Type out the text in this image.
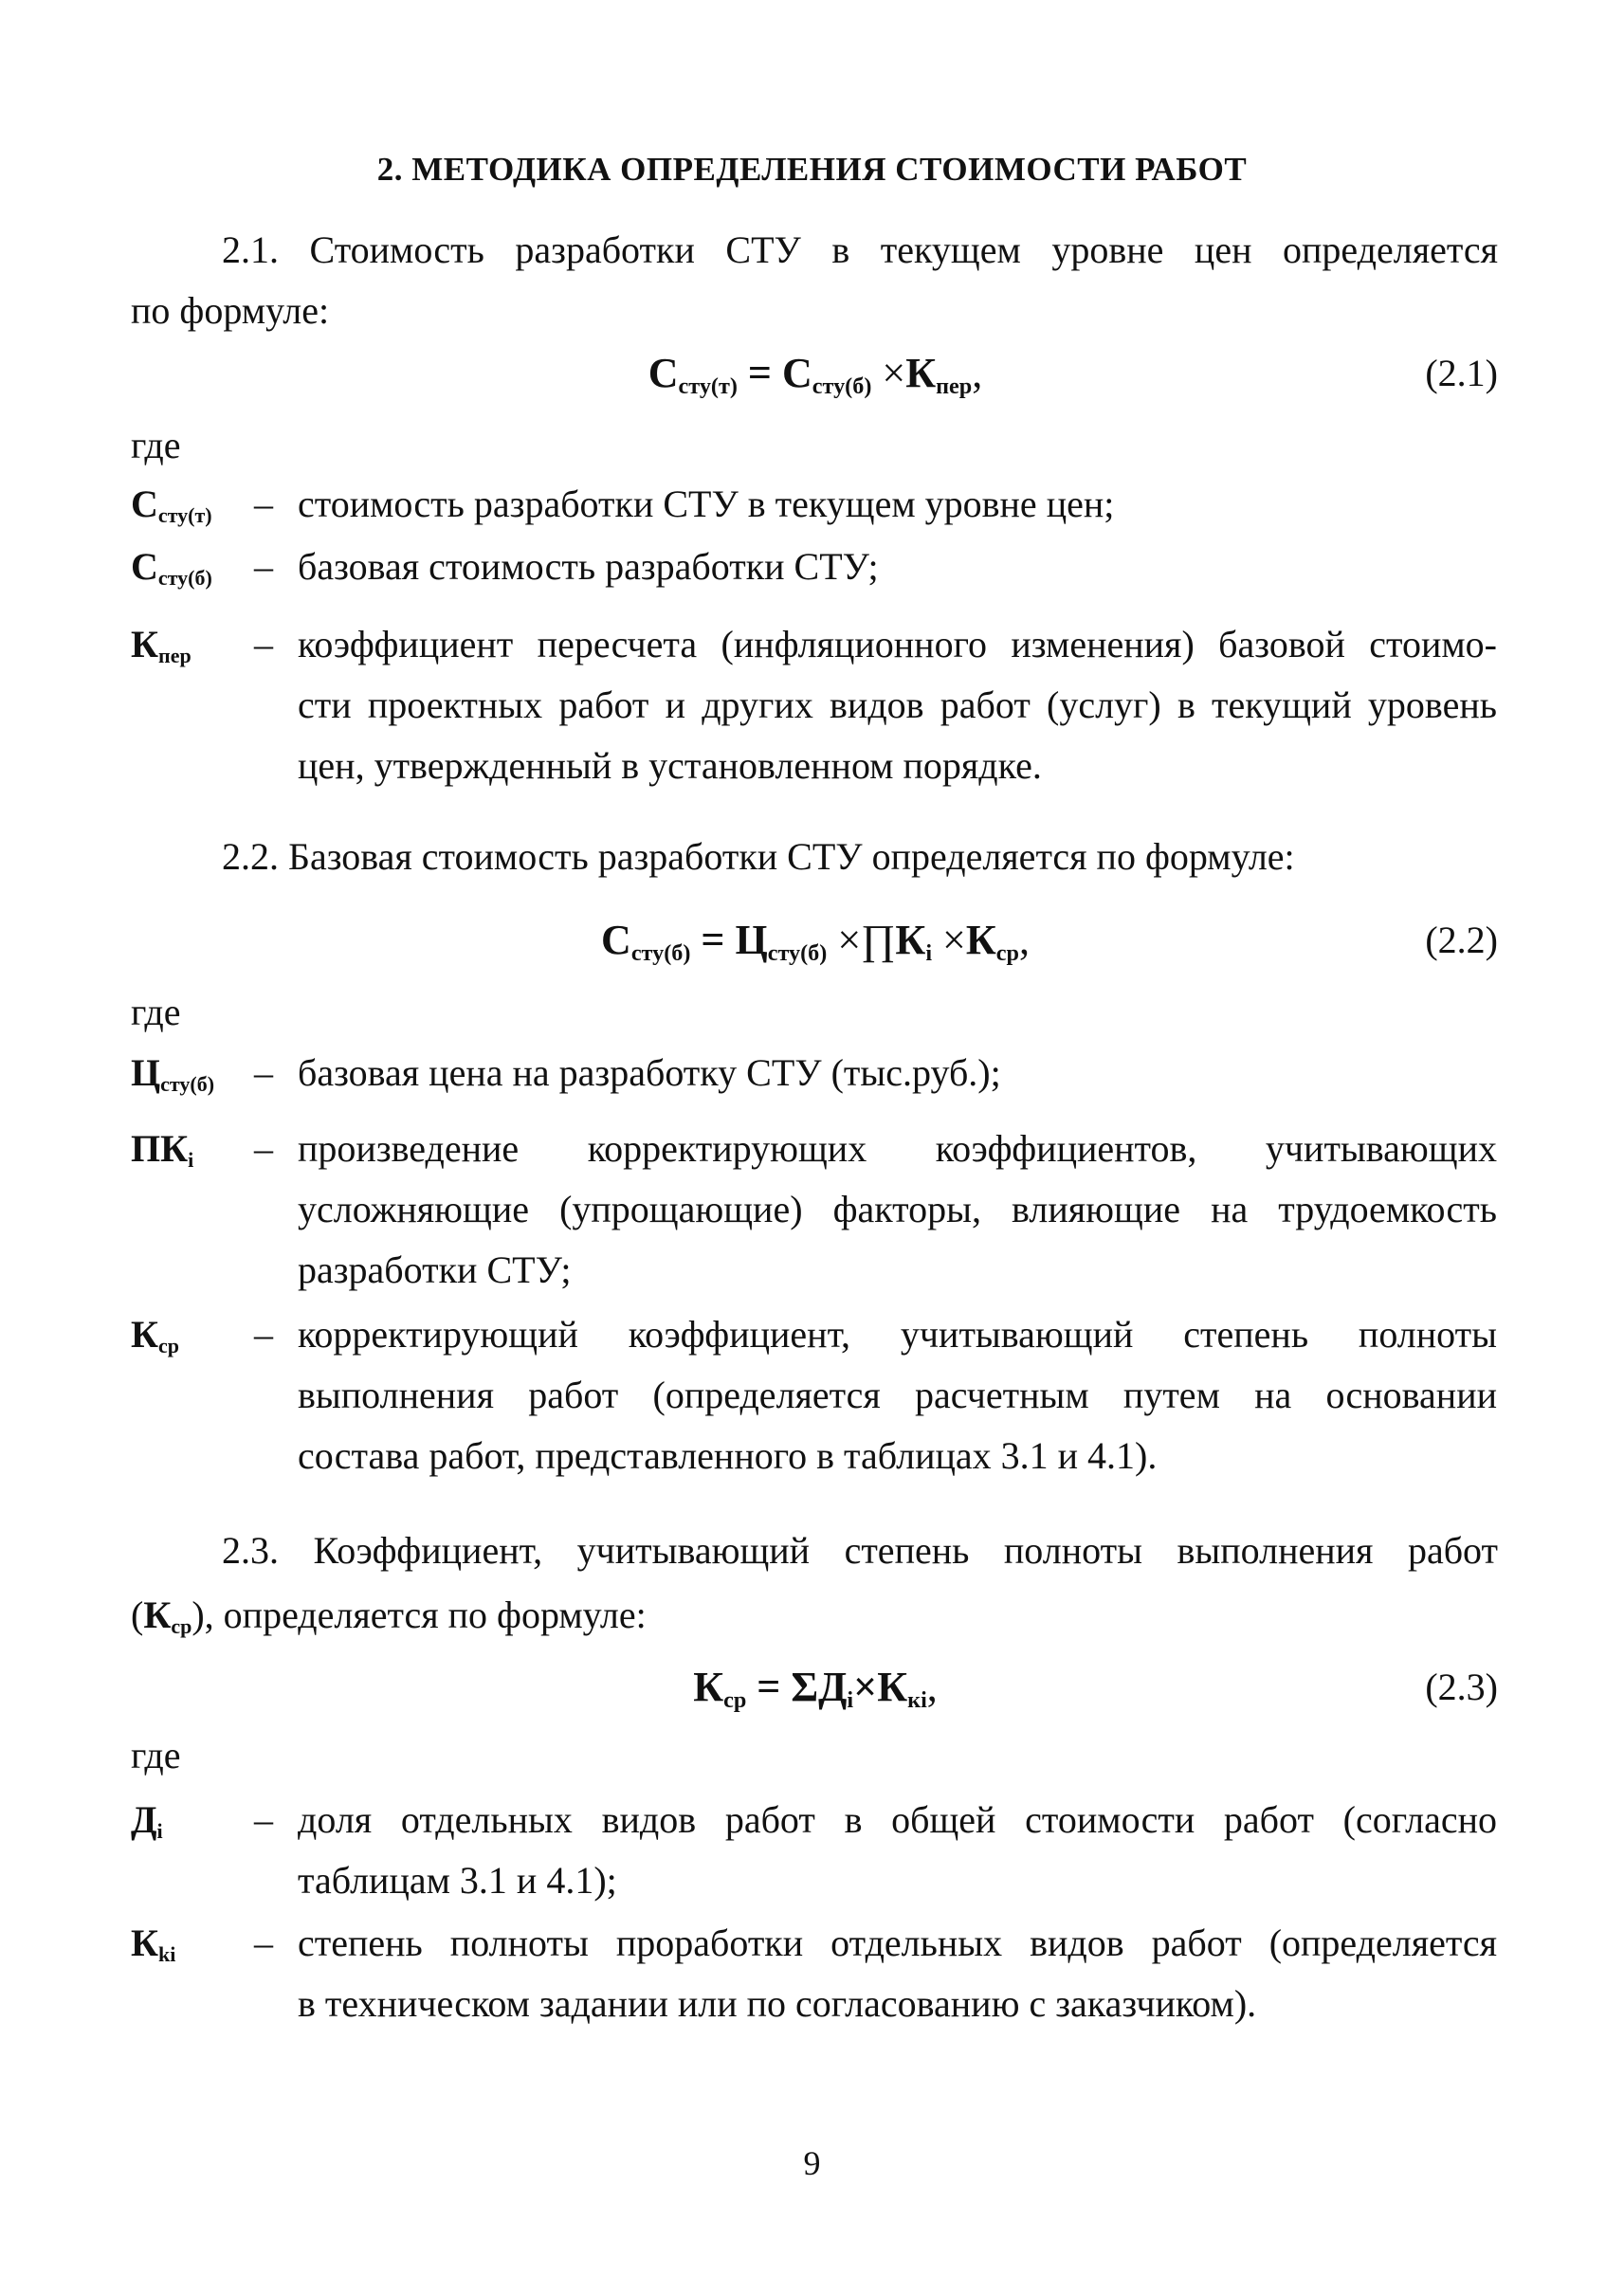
2. МЕТОДИКА ОПРЕДЕЛЕНИЯ СТОИМОСТИ РАБОТ
2.1. Стоимость разработки СТУ в текущем уровне цен определяется
по формуле:
$С_{сту(т)} = С_{сту(б)} \times К_{пер}$,	(2.1)
где
$С_{сту(т)}$	– стоимость разработки СТУ в текущем уровне цен;
$С_{сту(б)}$	– базовая стоимость разработки СТУ;
$К_{пер}$	– коэффициент пересчета (инфляционного изменения) базовой стоимо-
сти проектных работ и других видов работ (услуг) в текущий уровень
цен, утвержденный в установленном порядке.
2.2. Базовая стоимость разработки СТУ определяется по формуле:
$С_{сту(б)} = Ц_{сту(б)}$ $\times\prod К_i \times К_{ср}$,	(2.2)
где
$Ц_{сту(б)}$	– базовая цена на разработку СТУ (тыс.руб.);
$ПК_i$	– произведение корректирующих коэффициентов, учитывающих
усложняющие (упрощающие) факторы, влияющие на трудоемкость
разработки СТУ;
$К_{ср}$	– корректирующий коэффициент, учитывающий степень полноты
выполнения работ (определяется расчетным путем на основании
состава работ, представленного в таблицах 3.1 и 4.1).
2.3. Коэффициент, учитывающий степень полноты выполнения работ
(Кср), определяется по формуле:
$К_{ср} = \Sigma Д_i\times К_{кi}$,	(2.3)
где
$Д_i$	– доля отдельных видов работ в общей стоимости работ (согласно
таблицам 3.1 и 4.1);
$К_{ki}$	– степень полноты проработки отдельных видов работ (определяется
в техническом задании или по согласованию с заказчиком).
9
